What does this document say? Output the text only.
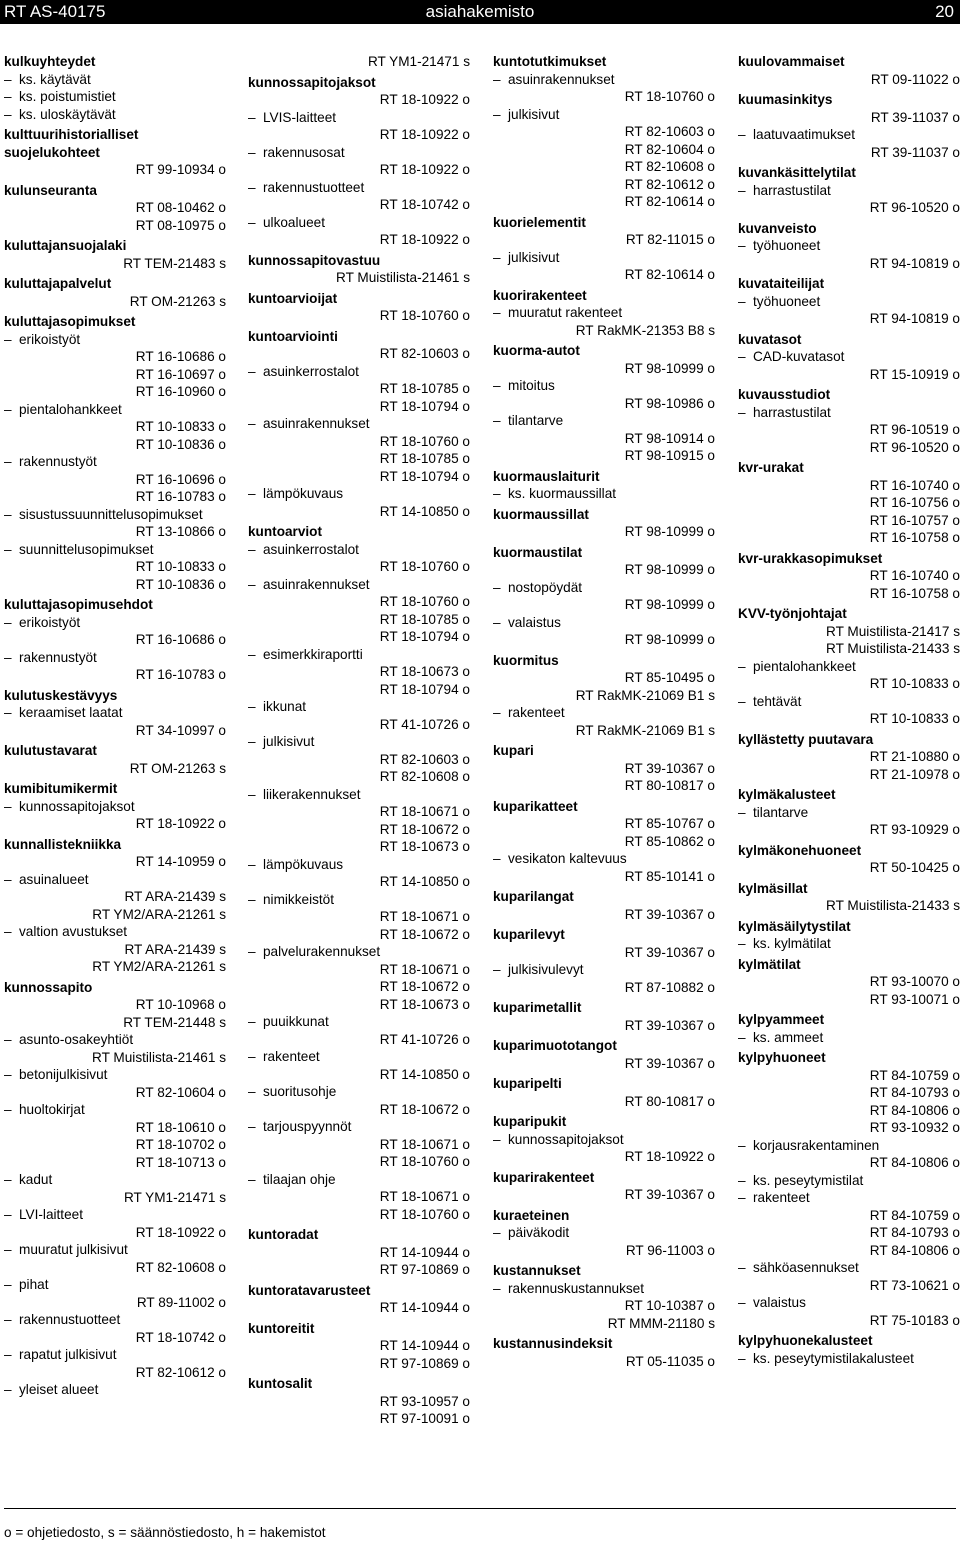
asiahakemisto
RT AS-40175	20
kulkuyhteydet
– ks. käytävät
– ks. poistumistiet
– ks. uloskäytävät
kulttuurihistorialliset suojelukohteet
RT 99-10934 o
kulunseuranta
RT 08-10462 o
RT 08-10975 o
kuluttajansuojalaki
RT TEM-21483 s
kuluttajapalvelut
RT OM-21263 s
kuluttajasopimukset
– erikoistyöt
RT 16-10686 o
RT 16-10697 o
RT 16-10960 o
– pientalohankkeet
RT 10-10833 o
RT 10-10836 o
– rakennustyöt
RT 16-10696 o
RT 16-10783 o
– sisustussuunnittelusopimukset
RT 13-10866 o
– suunnittelusopimukset
RT 10-10833 o
RT 10-10836 o
kuluttajasopimusehdot
– erikoistyöt
RT 16-10686 o
– rakennustyöt
RT 16-10783 o
kulutuskestävyys
– keraamiset laatat
RT 34-10997 o
kulutustavarat
RT OM-21263 s
kumibitumikermit
– kunnossapitojaksot
RT 18-10922 o
kunnallistekniikka
RT 14-10959 o
– asuinalueet
RT ARA-21439 s
RT YM2/ARA-21261 s
– valtion avustukset
RT ARA-21439 s
RT YM2/ARA-21261 s
kunnossapito
RT 10-10968 o
RT TEM-21448 s
– asunto-osakeyhtiöt
RT Muistilista-21461 s
– betonijulkisivut
RT 82-10604 o
– huoltokirjat
RT 18-10610 o
RT 18-10702 o
RT 18-10713 o
– kadut
RT YM1-21471 s
– LVI-laitteet
RT 18-10922 o
– muuratut julkisivut
RT 82-10608 o
– pihat
RT 89-11002 o
– rakennustuotteet
RT 18-10742 o
– rapatut julkisivut
RT 82-10612 o
– yleiset alueet
RT YM1-21471 s
kunnossapitojaksot
RT 18-10922 o
– LVIS-laitteet
RT 18-10922 o
– rakennusosat
RT 18-10922 o
– rakennustuotteet
RT 18-10742 o
– ulkoalueet
RT 18-10922 o
kunnossapitovastuu
RT Muistilista-21461 s
kuntoarvioijat
RT 18-10760 o
kuntoarviointi
RT 82-10603 o
– asuinkerrostalot
RT 18-10785 o
RT 18-10794 o
– asuinrakennukset
RT 18-10760 o
RT 18-10785 o
RT 18-10794 o
– lämpökuvaus
RT 14-10850 o
kuntoarviot
– asuinkerrostalot
RT 18-10760 o
– asuinrakennukset
RT 18-10760 o
RT 18-10785 o
RT 18-10794 o
– esimerkkiraportti
RT 18-10673 o
RT 18-10794 o
– ikkunat
RT 41-10726 o
– julkisivut
RT 82-10603 o
RT 82-10608 o
– liikerakennukset
RT 18-10671 o
RT 18-10672 o
RT 18-10673 o
– lämpökuvaus
RT 14-10850 o
– nimikkeistöt
RT 18-10671 o
RT 18-10672 o
– palvelurakennukset
RT 18-10671 o
RT 18-10672 o
RT 18-10673 o
– puuikkunat
RT 41-10726 o
– rakenteet
RT 14-10850 o
– suoritusohje
RT 18-10672 o
– tarjouspyynnöt
RT 18-10671 o
RT 18-10760 o
– tilaajan ohje
RT 18-10671 o
RT 18-10760 o
kuntoradat
RT 14-10944 o
RT 97-10869 o
kuntoratavarusteet
RT 14-10944 o
kuntoreitit
RT 14-10944 o
RT 97-10869 o
kuntosalit
RT 93-10957 o
RT 97-10091 o
kuntotutkimukset
– asuinrakennukset
RT 18-10760 o
– julkisivut
RT 82-10603 o
RT 82-10604 o
RT 82-10608 o
RT 82-10612 o
RT 82-10614 o
kuorielementit
RT 82-11015 o
– julkisivut
RT 82-10614 o
kuorirakenteet
– muuratut rakenteet
RT RakMK-21353 B8 s
kuorma-autot
RT 98-10999 o
– mitoitus
RT 98-10986 o
– tilantarve
RT 98-10914 o
RT 98-10915 o
kuormauslaiturit
– ks. kuormaussillat
kuormaussillat
RT 98-10999 o
kuormaustilat
RT 98-10999 o
– nostopöydät
RT 98-10999 o
– valaistus
RT 98-10999 o
kuormitus
RT 85-10495 o
RT RakMK-21069 B1 s
– rakenteet
RT RakMK-21069 B1 s
kupari
RT 39-10367 o
RT 80-10817 o
kuparikatteet
RT 85-10767 o
RT 85-10862 o
– vesikaton kaltevuus
RT 85-10141 o
kuparilangat
RT 39-10367 o
kuparilevyt
RT 39-10367 o
– julkisivulevyt
RT 87-10882 o
kuparimetallit
RT 39-10367 o
kuparimuototangot
RT 39-10367 o
kuparipelti
RT 80-10817 o
kuparipukit
– kunnossapitojaksot
RT 18-10922 o
kuparirakenteet
RT 39-10367 o
kuraeteinen
– päiväkodit
RT 96-11003 o
kustannukset
– rakennuskustannukset
RT 10-10387 o
RT MMM-21180 s
kustannusindeksit
RT 05-11035 o
kuulovammaiset
RT 09-11022 o
kuumasinkitys
RT 39-11037 o
– laatuvaatimukset
RT 39-11037 o
kuvankäsittelytilat
– harrastustilat
RT 96-10520 o
kuvanveisto
– työhuoneet
RT 94-10819 o
kuvataiteilijat
– työhuoneet
RT 94-10819 o
kuvatasot
– CAD-kuvatasot
RT 15-10919 o
kuvausstudiot
– harrastustilat
RT 96-10519 o
RT 96-10520 o
kvr-urakat
RT 16-10740 o
RT 16-10756 o
RT 16-10757 o
RT 16-10758 o
kvr-urakkasopimukset
RT 16-10740 o
RT 16-10758 o
KVV-työnjohtajat
RT Muistilista-21417 s
RT Muistilista-21433 s
– pientalohankkeet
RT 10-10833 o
– tehtävät
RT 10-10833 o
kyllästetty puutavara
RT 21-10880 o
RT 21-10978 o
kylmäkalusteet
– tilantarve
RT 93-10929 o
kylmäkonehuoneet
RT 50-10425 o
kylmäsillat
RT Muistilista-21433 s
kylmäsäilytystilat
– ks. kylmätilat
kylmätilat
RT 93-10070 o
RT 93-10071 o
kylpyammeet
– ks. ammeet
kylpyhuoneet
RT 84-10759 o
RT 84-10793 o
RT 84-10806 o
RT 93-10932 o
– korjausrakentaminen
RT 84-10806 o
– ks. peseytymistilat
– rakenteet
RT 84-10759 o
RT 84-10793 o
RT 84-10806 o
– sähköasennukset
RT 73-10621 o
– valaistus
RT 75-10183 o
kylpyhuonekalusteet
– ks. peseytymistilakalusteet
o = ohjetiedosto, s = säännöstiedosto, h = hakemistot
